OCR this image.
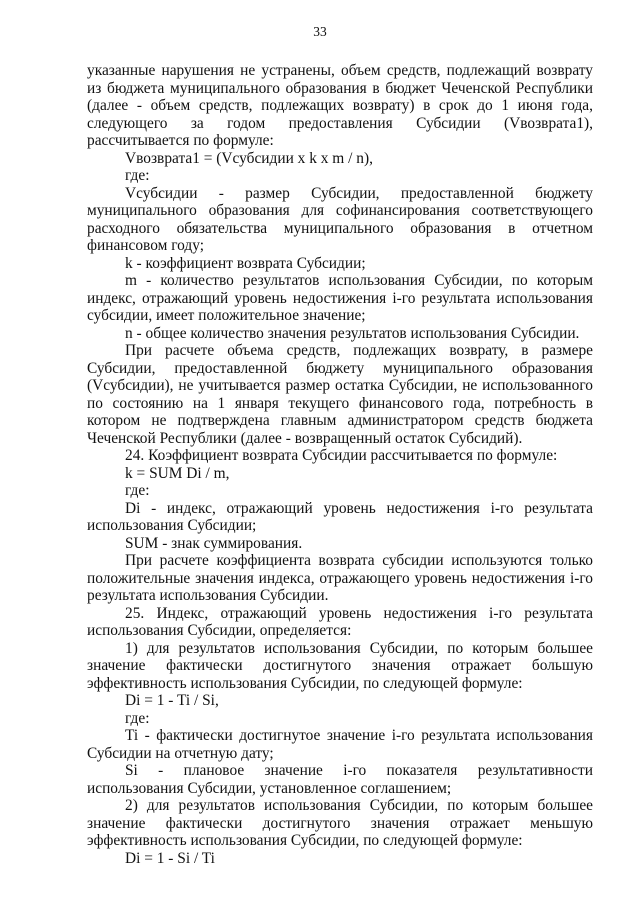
33

указанные нарушения не устранены, объем средств, подлежащий возврату из бюджета муниципального образования в бюджет Чеченской Республики (далее - объем средств, подлежащих возврату) в срок до 1 июня года, следующего за годом предоставления Субсидии (Vвозврата1), рассчитывается по формуле:

Vвозврата1 = (Vсубсидии x k x m / n),

где:

Vсубсидии - размер Субсидии, предоставленной бюджету муниципального образования для софинансирования соответствующего расходного обязательства муниципального образования в отчетном финансовом году;

k - коэффициент возврата Субсидии;

m - количество результатов использования Субсидии, по которым индекс, отражающий уровень недостижения i-го результата использования субсидии, имеет положительное значение;

n - общее количество значения результатов использования Субсидии.

При расчете объема средств, подлежащих возврату, в размере Субсидии, предоставленной бюджету муниципального образования (Vсубсидии), не учитывается размер остатка Субсидии, не использованного по состоянию на 1 января текущего финансового года, потребность в котором не подтверждена главным администратором средств бюджета Чеченской Республики (далее - возвращенный остаток Субсидий).

24. Коэффициент возврата Субсидии рассчитывается по формуле:

k = SUM Di / m,

где:

Di - индекс, отражающий уровень недостижения i-го результата использования Субсидии;

SUM - знак суммирования.

При расчете коэффициента возврата субсидии используются только положительные значения индекса, отражающего уровень недостижения i-го результата использования Субсидии.

25. Индекс, отражающий уровень недостижения i-го результата использования Субсидии, определяется:

1) для результатов использования Субсидии, по которым большее значение фактически достигнутого значения отражает большую эффективность использования Субсидии, по следующей формуле:

Di = 1 - Ti / Si,

где:

Ti - фактически достигнутое значение i-го результата использования Субсидии на отчетную дату;

Si - плановое значение i-го показателя результативности использования Субсидии, установленное соглашением;

2) для результатов использования Субсидии, по которым большее значение фактически достигнутого значения отражает меньшую эффективность использования Субсидии, по следующей формуле:

Di = 1 - Si / Ti
